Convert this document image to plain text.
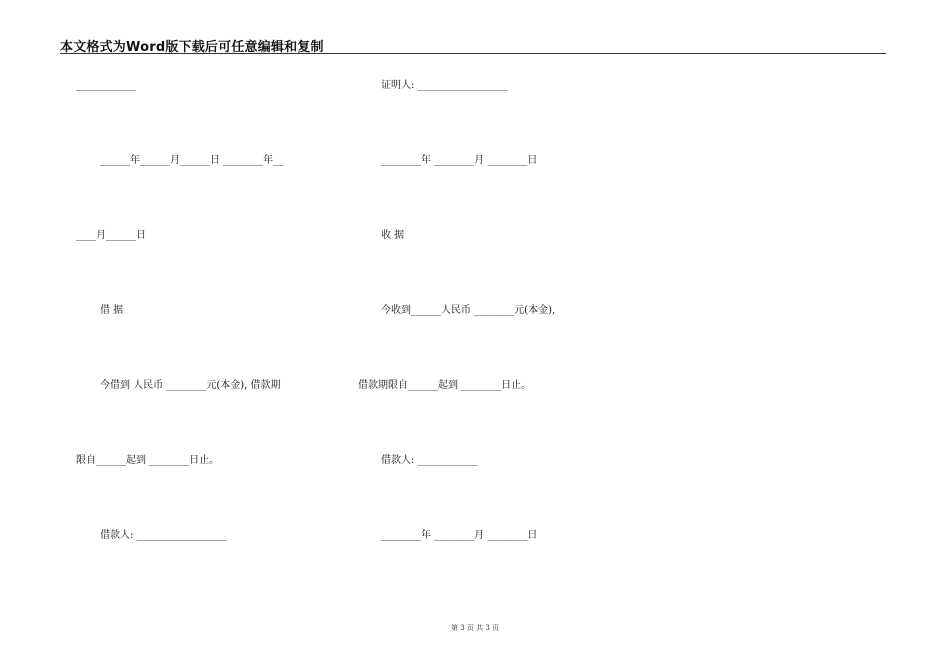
本文格式为Word版下载后可任意编辑和复制
____________
______年______月______日 ________年__
____月______日
借 据
今借到 人民币 ________元(本金), 借款期
限自______起到 ________日止。
借款人: __________________
证明人: __________________
________年 ________月 ________日
收 据
今收到______人民币 ________元(本金),
借款期限自______起到 ________日止。
借款人: ____________
________年 ________月 ________日
第 3 页 共 3 页
